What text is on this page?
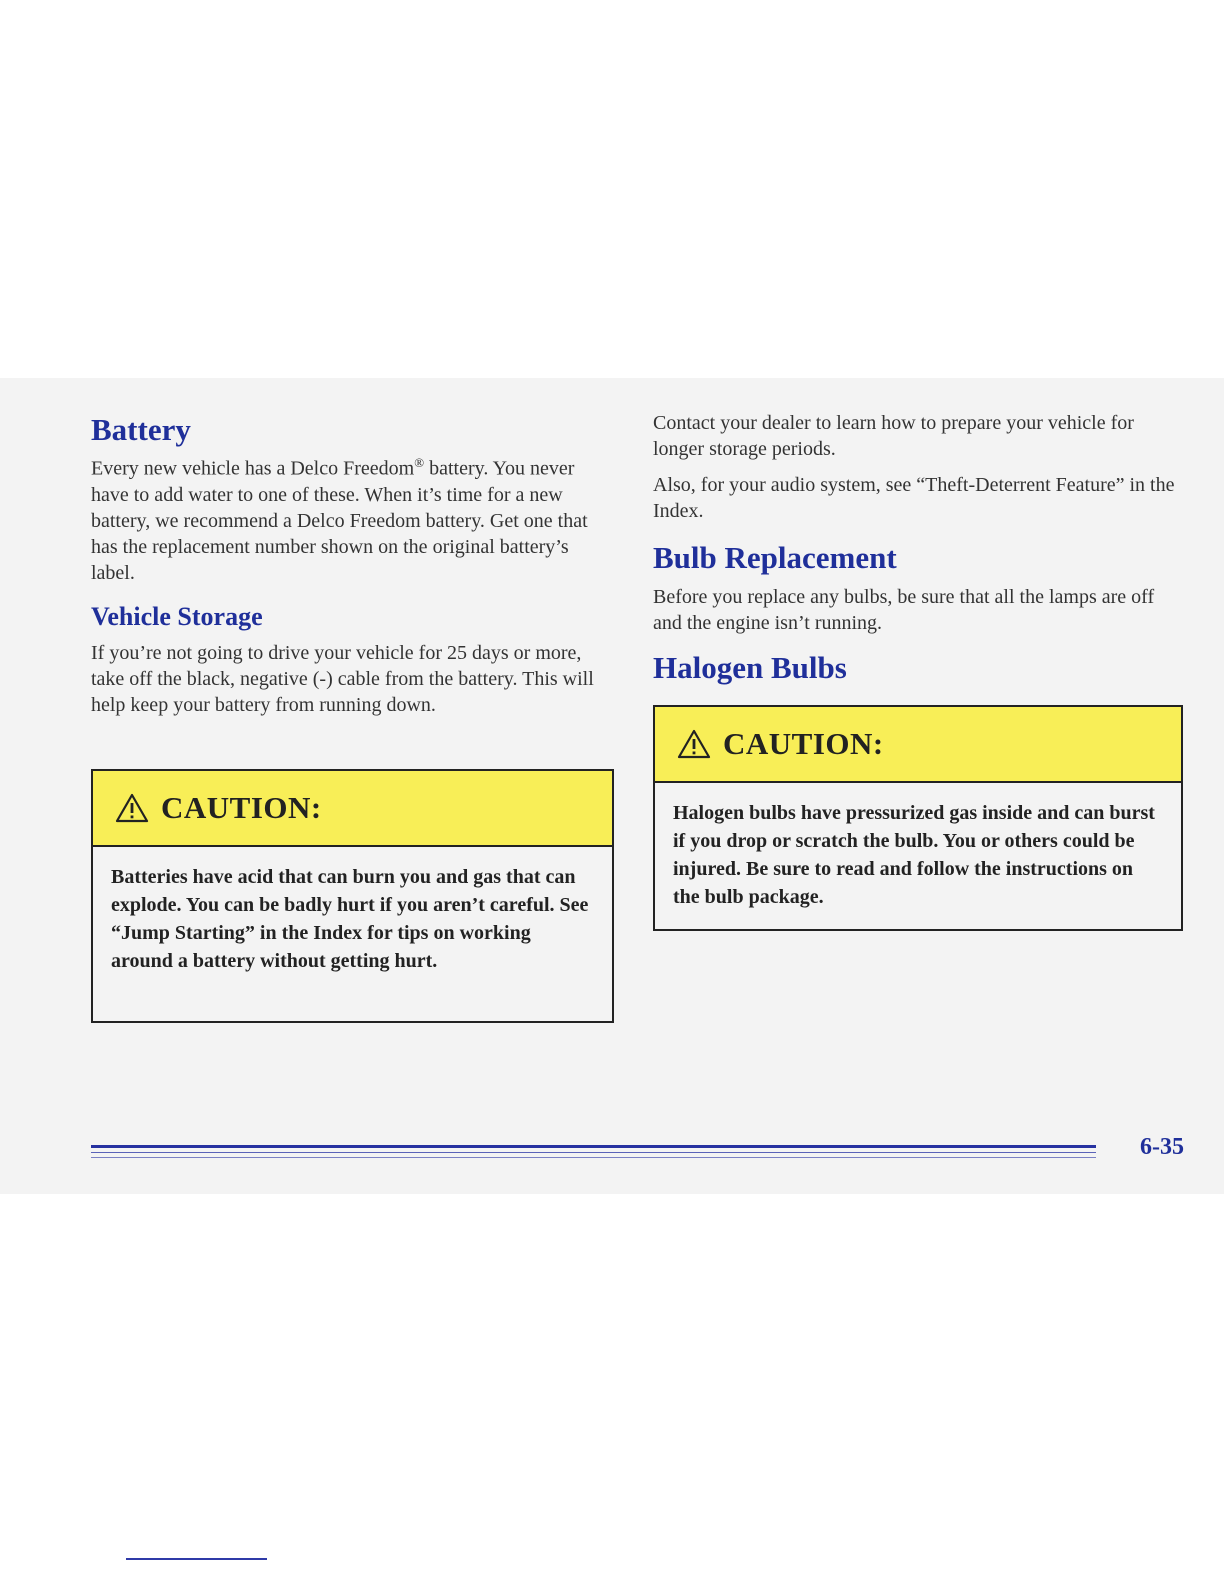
Battery

Every new vehicle has a Delco Freedom® battery. You never have to add water to one of these. When it’s time for a new battery, we recommend a Delco Freedom battery. Get one that has the replacement number shown on the original battery’s label.

Vehicle Storage

If you’re not going to drive your vehicle for 25 days or more, take off the black, negative (-) cable from the battery. This will help keep your battery from running down.

CAUTION:
Batteries have acid that can burn you and gas that can explode. You can be badly hurt if you aren’t careful. See “Jump Starting” in the Index for tips on working around a battery without getting hurt.

Contact your dealer to learn how to prepare your vehicle for longer storage periods.

Also, for your audio system, see “Theft-Deterrent Feature” in the Index.

Bulb Replacement

Before you replace any bulbs, be sure that all the lamps are off and the engine isn’t running.

Halogen Bulbs
CAUTION:
Halogen bulbs have pressurized gas inside and can burst if you drop or scratch the bulb. You or others could be injured. Be sure to read and follow the instructions on the bulb package.
6-35
